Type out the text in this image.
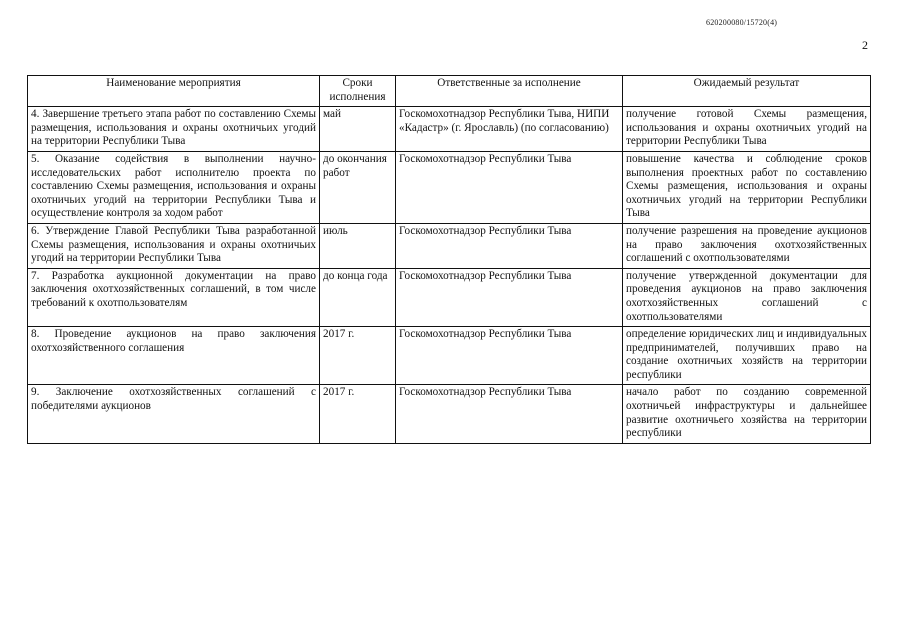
620200080/15720(4)
2
Наименование мероприятия	Сроки исполнения	Ответственные за исполнение	Ожидаемый результат
4. Завершение третьего этапа работ по составлению Схемы размещения, использования и охраны охотничьих угодий на территории Республики Тыва	май	Госкомохотнадзор Республики Тыва, НИПИ «Кадастр» (г. Ярославль) (по согласованию)	получение готовой Схемы размещения, использования и охраны охотничьих угодий на территории Республики Тыва
5. Оказание содействия в выполнении научно-исследовательских работ исполнителю проекта по составлению Схемы размещения, использования и охраны охотничьих угодий на территории Республики Тыва и осуществление контроля за ходом работ	до окончания работ	Госкомохотнадзор Республики Тыва	повышение качества и соблюдение сроков выполнения проектных работ по составлению Схемы размещения, использования и охраны охотничьих угодий на территории Республики Тыва
6. Утверждение Главой Республики Тыва разработанной Схемы размещения, использования и охраны охотничьих угодий на территории Республики Тыва	июль	Госкомохотнадзор Республики Тыва	получение разрешения на проведение аукционов на право заключения охотхозяйственных соглашений с охотпользователями
7. Разработка аукционной документации на право заключения охотхозяйственных соглашений, в том числе требований к охотпользователям	до конца года	Госкомохотнадзор Республики Тыва	получение утвержденной документации для проведения аукционов на право заключения охотхозяйственных соглашений с охотпользователями
8. Проведение аукционов на право заключения охотхозяйственного соглашения	2017 г.	Госкомохотнадзор Республики Тыва	определение юридических лиц и индивидуальных предпринимателей, получивших право на создание охотничьих хозяйств на территории республики
9. Заключение охотхозяйственных соглашений с победителями аукционов	2017 г.	Госкомохотнадзор Республики Тыва	начало работ по созданию современной охотничьей инфраструктуры и дальнейшее развитие охотничьего хозяйства на территории республики
